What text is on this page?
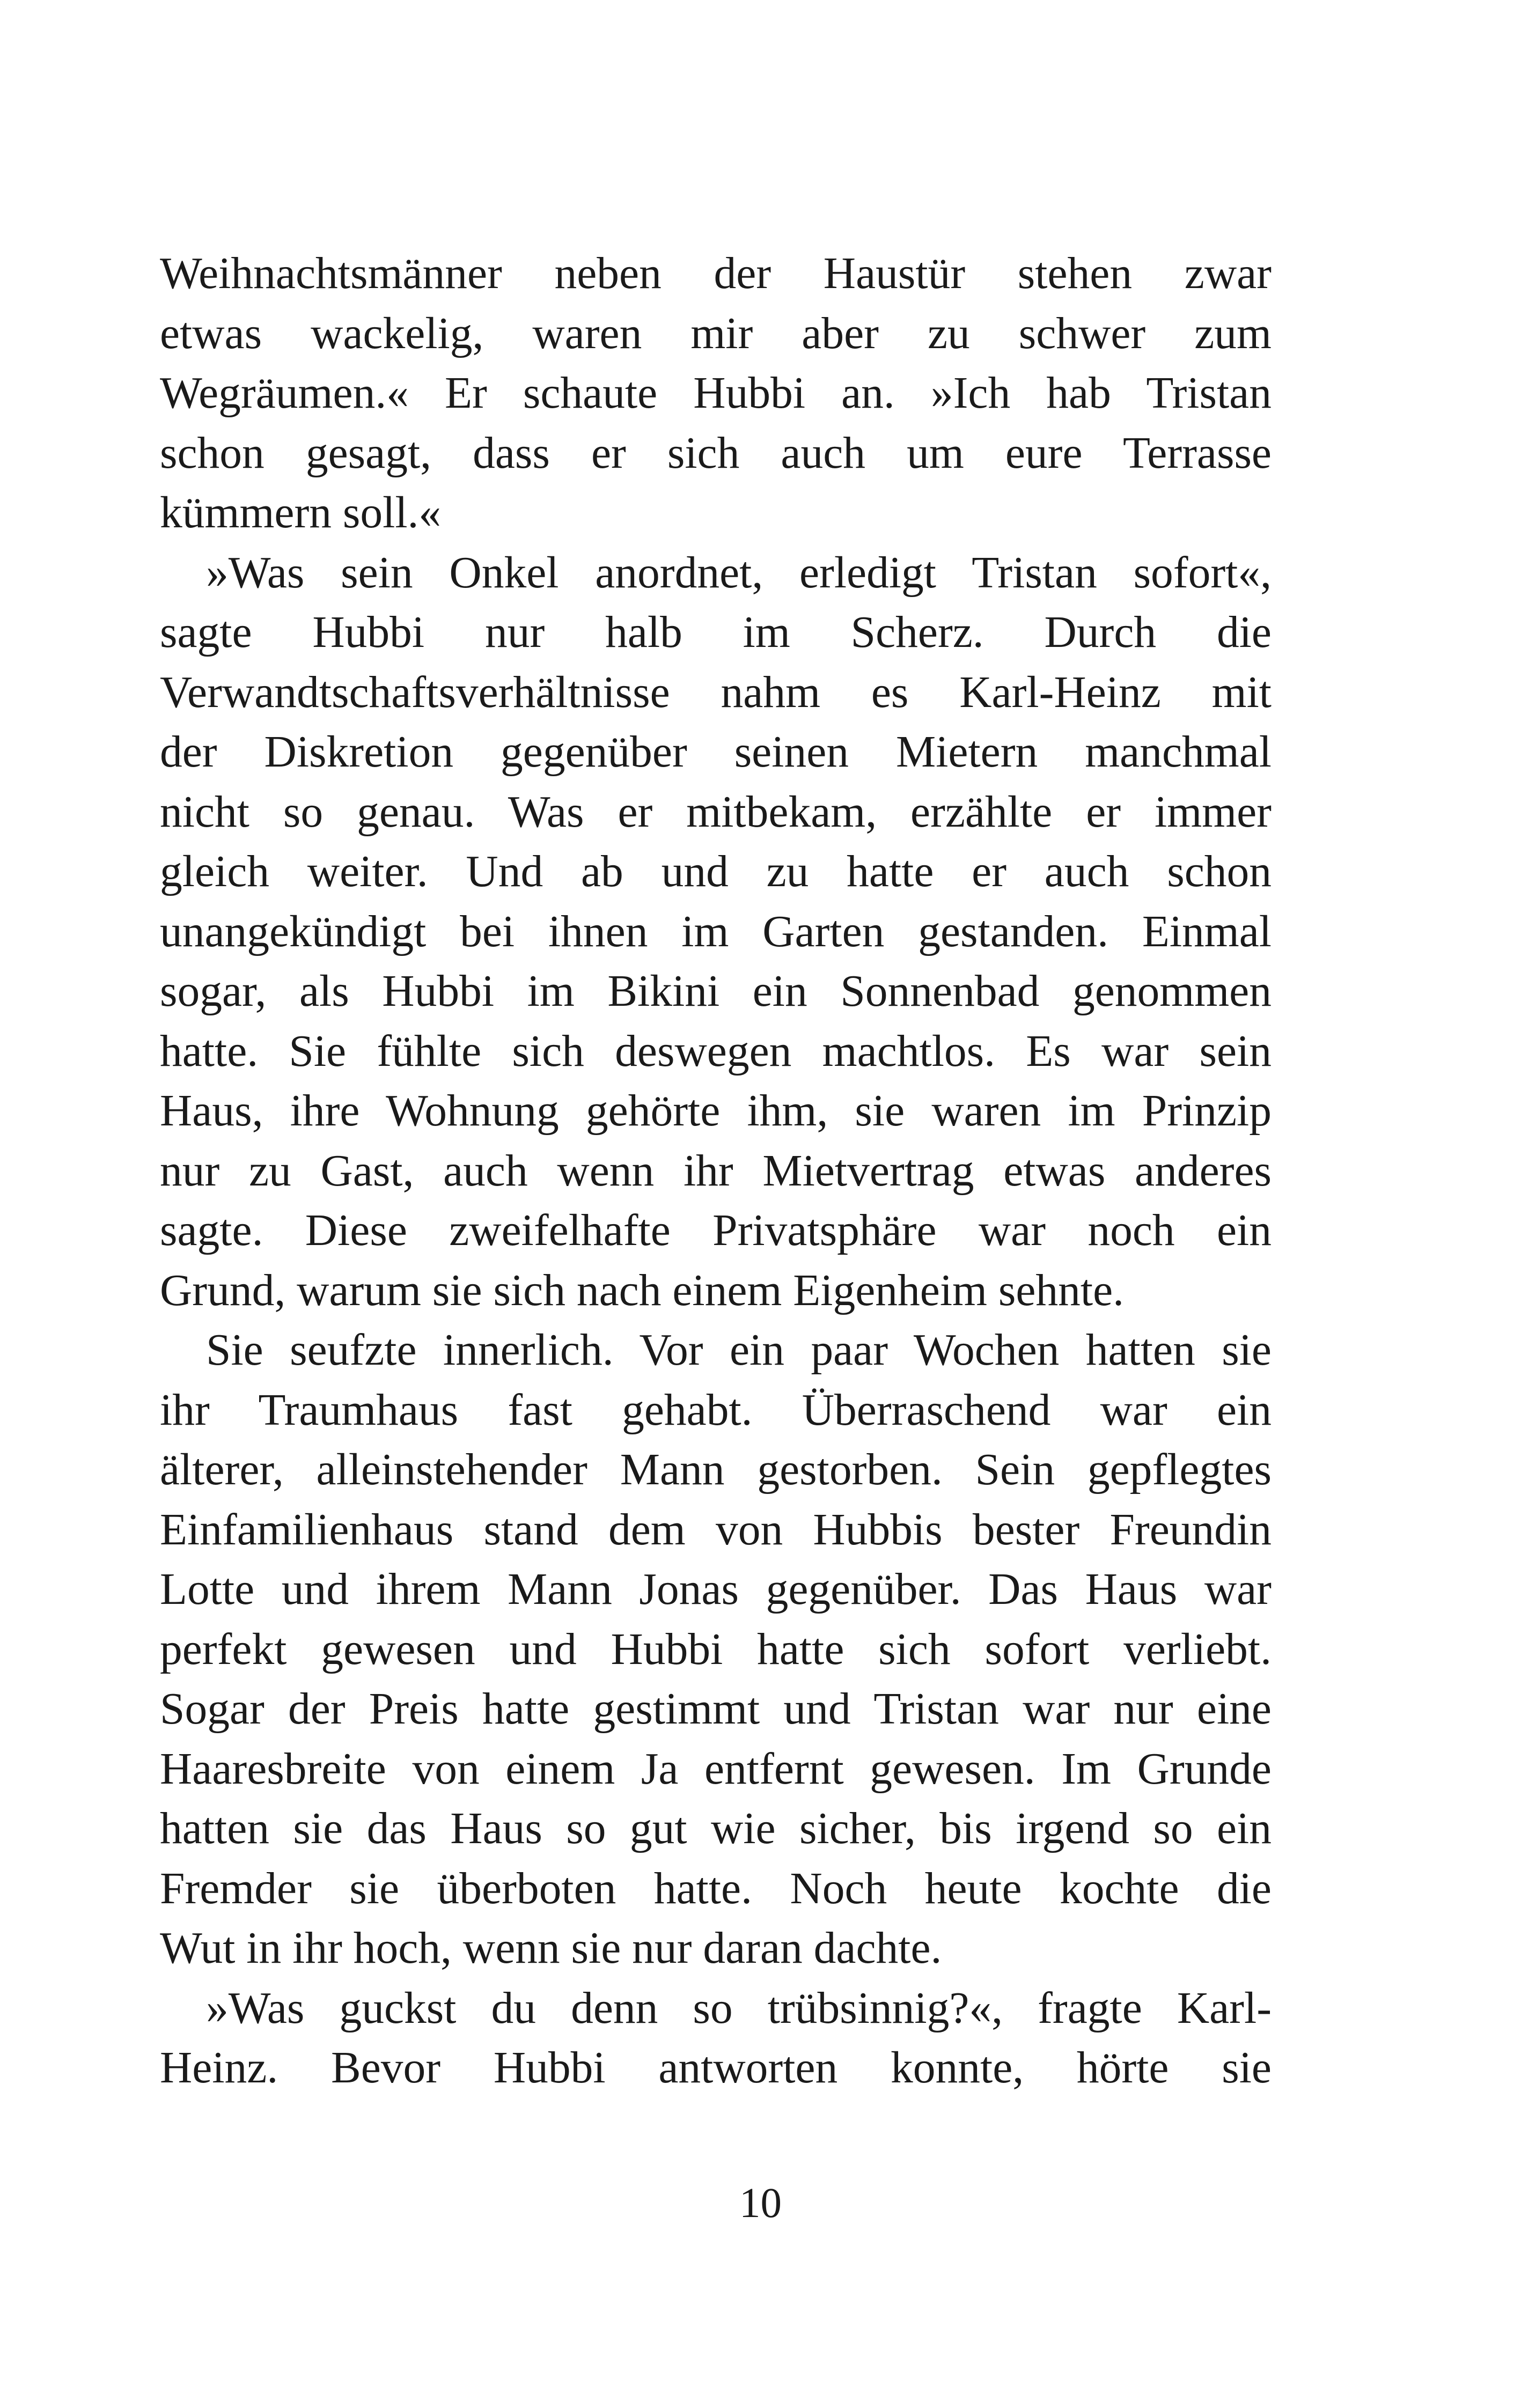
Weihnachtsmänner neben der Haustür stehen zwar
etwas wackelig, waren mir aber zu schwer zum
Wegräumen.« Er schaute Hubbi an. »Ich hab Tristan
schon gesagt, dass er sich auch um eure Terrasse
kümmern soll.«
»Was sein Onkel anordnet, erledigt Tristan sofort«,
sagte Hubbi nur halb im Scherz. Durch die
Verwandtschaftsverhältnisse nahm es Karl-Heinz mit
der Diskretion gegenüber seinen Mietern manchmal
nicht so genau. Was er mitbekam, erzählte er immer
gleich weiter. Und ab und zu hatte er auch schon
unangekündigt bei ihnen im Garten gestanden. Einmal
sogar, als Hubbi im Bikini ein Sonnenbad genommen
hatte. Sie fühlte sich deswegen machtlos. Es war sein
Haus, ihre Wohnung gehörte ihm, sie waren im Prinzip
nur zu Gast, auch wenn ihr Mietvertrag etwas anderes
sagte. Diese zweifelhafte Privatsphäre war noch ein
Grund, warum sie sich nach einem Eigenheim sehnte.
Sie seufzte innerlich. Vor ein paar Wochen hatten sie
ihr Traumhaus fast gehabt. Überraschend war ein
älterer, alleinstehender Mann gestorben. Sein gepflegtes
Einfamilienhaus stand dem von Hubbis bester Freundin
Lotte und ihrem Mann Jonas gegenüber. Das Haus war
perfekt gewesen und Hubbi hatte sich sofort verliebt.
Sogar der Preis hatte gestimmt und Tristan war nur eine
Haaresbreite von einem Ja entfernt gewesen. Im Grunde
hatten sie das Haus so gut wie sicher, bis irgend so ein
Fremder sie überboten hatte. Noch heute kochte die
Wut in ihr hoch, wenn sie nur daran dachte.
»Was guckst du denn so trübsinnig?«, fragte Karl-
Heinz. Bevor Hubbi antworten konnte, hörte sie
10
